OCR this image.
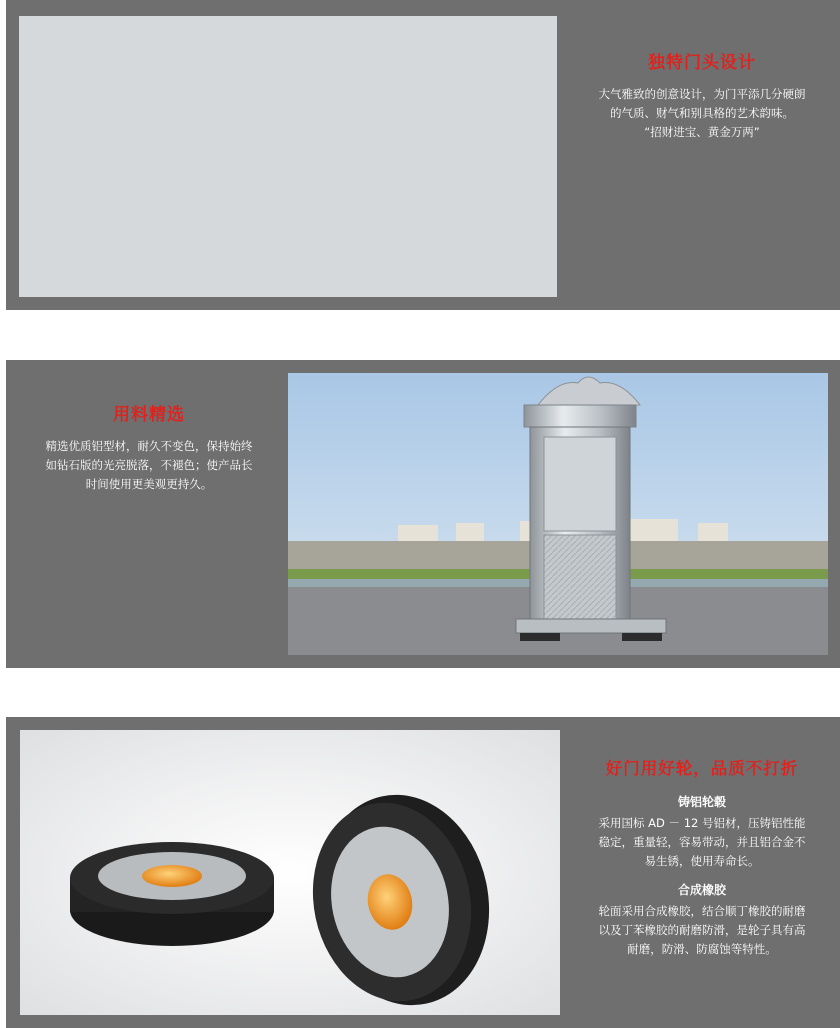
独特门头设计
大气雅致的创意设计，为门平添几分硬朗
的气质、财气和别具格的艺术韵味。
“招财进宝、黄金万两”
用料精选
精选优质铝型材，耐久不变色，保持始终
如钻石版的光亮脱落，不褪色；使产品长
时间使用更美观更持久。
好门用好轮，品质不打折
铸铝轮毂
采用国标 AD － 12 号铝材，压铸铝性能
稳定，重量轻，容易带动，并且铝合金不
易生锈，使用寿命长。
合成橡胶
轮面采用合成橡胶，结合顺丁橡胶的耐磨
以及丁苯橡胶的耐磨防滑，是轮子具有高
耐磨，防滑、防腐蚀等特性。
